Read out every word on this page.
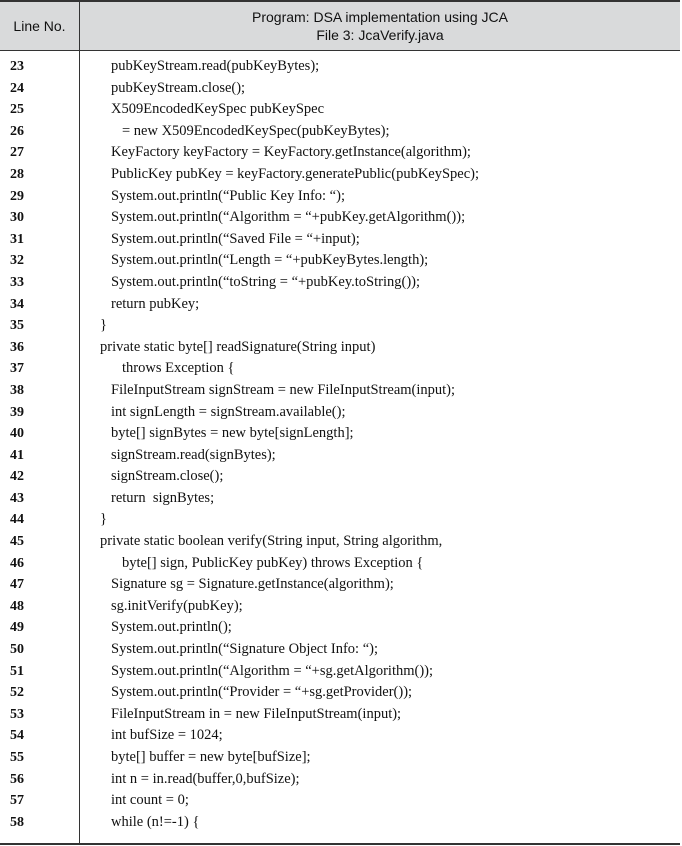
Line No.
Program: DSA implementation using JCA
File 3: JcaVerify.java
23	pubKeyStream.read(pubKeyBytes);
24	pubKeyStream.close();
25	X509EncodedKeySpec pubKeySpec
26	= new X509EncodedKeySpec(pubKeyBytes);
27	KeyFactory keyFactory = KeyFactory.getInstance(algorithm);
28	PublicKey pubKey = keyFactory.generatePublic(pubKeySpec);
29	System.out.println(“Public Key Info: “);
30	System.out.println(“Algorithm = “+pubKey.getAlgorithm());
31	System.out.println(“Saved File = “+input);
32	System.out.println(“Length = “+pubKeyBytes.length);
33	System.out.println(“toString = “+pubKey.toString());
34	return pubKey;
35	}
36	private static byte[] readSignature(String input)
37	throws Exception {
38	FileInputStream signStream = new FileInputStream(input);
39	int signLength = signStream.available();
40	byte[] signBytes = new byte[signLength];
41	signStream.read(signBytes);
42	signStream.close();
43	return  signBytes;
44	}
45	private static boolean verify(String input, String algorithm,
46	byte[] sign, PublicKey pubKey) throws Exception {
47	Signature sg = Signature.getInstance(algorithm);
48	sg.initVerify(pubKey);
49	System.out.println();
50	System.out.println(“Signature Object Info: “);
51	System.out.println(“Algorithm = “+sg.getAlgorithm());
52	System.out.println(“Provider = “+sg.getProvider());
53	FileInputStream in = new FileInputStream(input);
54	int bufSize = 1024;
55	byte[] buffer = new byte[bufSize];
56	int n = in.read(buffer,0,bufSize);
57	int count = 0;
58	while (n!=-1) {
